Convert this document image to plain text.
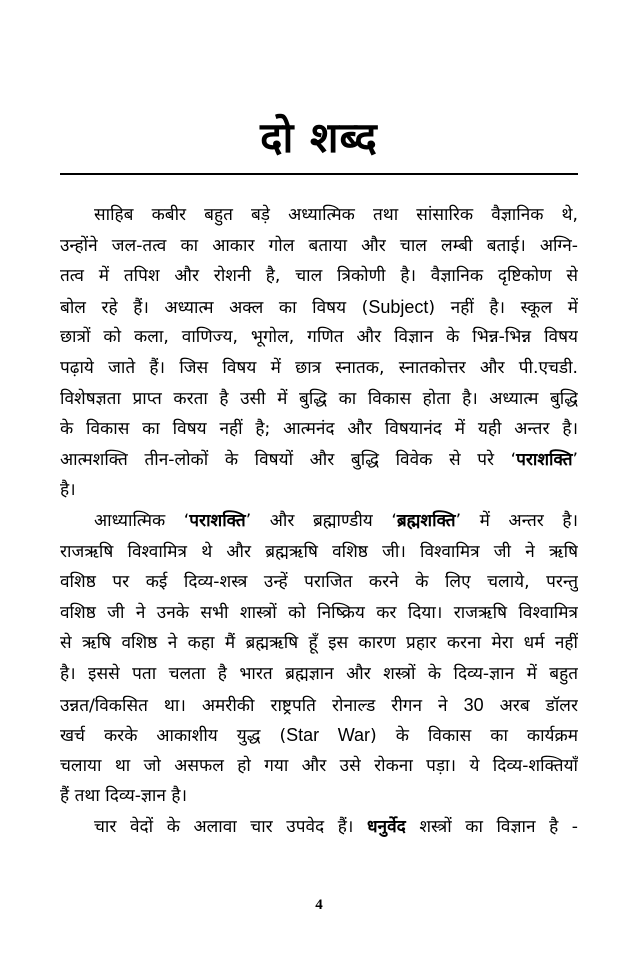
दो शब्द
साहिब कबीर बहुत बड़े अध्यात्मिक तथा सांसारिक वैज्ञानिक थे,
उन्होंने जल-तत्व का आकार गोल बताया और चाल लम्बी बताई। अग्नि-
तत्व में तपिश और रोशनी है, चाल त्रिकोणी है। वैज्ञानिक दृष्टिकोण से
बोल रहे हैं। अध्यात्म अक्ल का विषय (Subject) नहीं है। स्कूल में
छात्रों को कला, वाणिज्य, भूगोल, गणित और विज्ञान के भिन्न-भिन्न विषय
पढ़ाये जाते हैं। जिस विषय में छात्र स्नातक, स्नातकोत्तर और पी.एचडी.
विशेषज्ञता प्राप्त करता है उसी में बुद्धि का विकास होता है। अध्यात्म बुद्धि
के विकास का विषय नहीं है; आत्मनंद और विषयानंद में यही अन्तर है।
आत्मशक्ति तीन-लोकों के विषयों और बुद्धि विवेक से परे ‘पराशक्ति’
है।
आध्यात्मिक ‘पराशक्ति’ और ब्रह्माण्डीय ‘ब्रह्मशक्ति’ में अन्तर है।
राजऋषि विश्वामित्र थे और ब्रह्मऋषि वशिष्ठ जी। विश्वामित्र जी ने ऋषि
वशिष्ठ पर कई दिव्य-शस्त्र उन्हें पराजित करने के लिए चलाये, परन्तु
वशिष्ठ जी ने उनके सभी शास्त्रों को निष्क्रिय कर दिया। राजऋषि विश्वामित्र
से ऋषि वशिष्ठ ने कहा मैं ब्रह्मऋषि हूँ इस कारण प्रहार करना मेरा धर्म नहीं
है। इससे पता चलता है भारत ब्रह्मज्ञान और शस्त्रों के दिव्य-ज्ञान में बहुत
उन्नत/विकसित था। अमरीकी राष्ट्रपति रोनाल्ड रीगन ने 30 अरब डॉलर
खर्च करके आकाशीय युद्ध (Star War) के विकास का कार्यक्रम
चलाया था जो असफल हो गया और उसे रोकना पड़ा। ये दिव्य-शक्तियाँ
हैं तथा दिव्य-ज्ञान है।
चार वेदों के अलावा चार उपवेद हैं। धनुर्वेद शस्त्रों का विज्ञान है -
4
